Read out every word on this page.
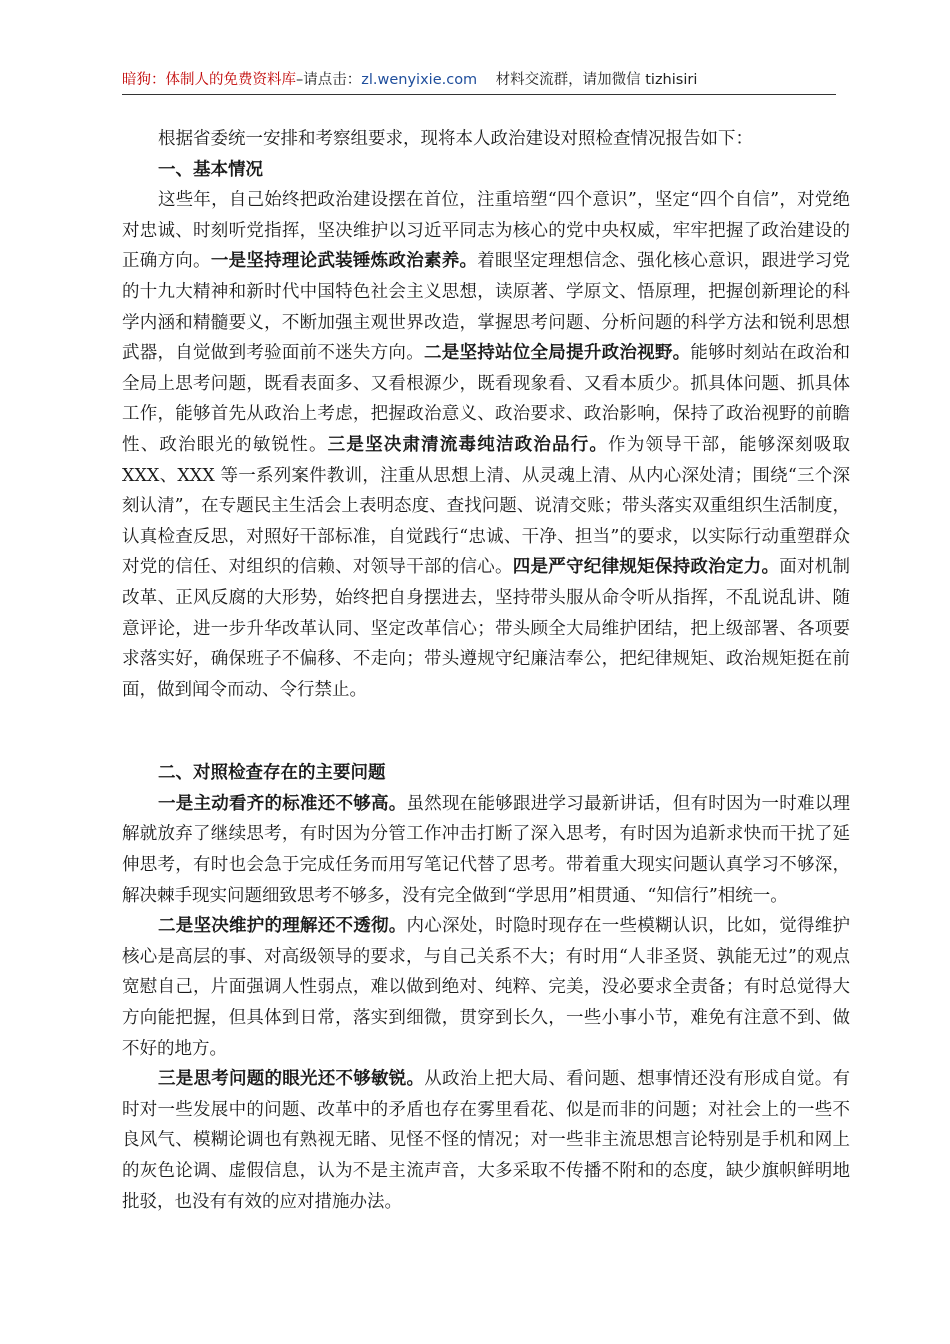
暗狗：体制人的免费资料库–请点击：zl.wenyixie.com 材料交流群，请加微信 tizhisiri

根据省委统一安排和考察组要求，现将本人政治建设对照检查情况报告如下：

一、基本情况

这些年，自己始终把政治建设摆在首位，注重培塑“四个意识”，坚定“四个自信”，对党绝对忠诚、时刻听党指挥，坚决维护以习近平同志为核心的党中央权威，牢牢把握了政治建设的正确方向。一是坚持理论武装锤炼政治素养。着眼坚定理想信念、强化核心意识，跟进学习党的十九大精神和新时代中国特色社会主义思想，读原著、学原文、悟原理，把握创新理论的科学内涵和精髓要义，不断加强主观世界改造，掌握思考问题、分析问题的科学方法和锐利思想武器，自觉做到考验面前不迷失方向。二是坚持站位全局提升政治视野。能够时刻站在政治和全局上思考问题，既看表面多、又看根源少，既看现象看、又看本质少。抓具体问题、抓具体工作，能够首先从政治上考虑，把握政治意义、政治要求、政治影响，保持了政治视野的前瞻性、政治眼光的敏锐性。三是坚决肃清流毒纯洁政治品行。作为领导干部，能够深刻吸取 XXX、XXX 等一系列案件教训，注重从思想上清、从灵魂上清、从内心深处清；围绕“三个深刻认清”，在专题民主生活会上表明态度、查找问题、说清交账；带头落实双重组织生活制度，认真检查反思，对照好干部标准，自觉践行“忠诚、干净、担当”的要求，以实际行动重塑群众对党的信任、对组织的信赖、对领导干部的信心。四是严守纪律规矩保持政治定力。面对机制改革、正风反腐的大形势，始终把自身摆进去，坚持带头服从命令听从指挥，不乱说乱讲、随意评论，进一步升华改革认同、坚定改革信心；带头顾全大局维护团结，把上级部署、各项要求落实好，确保班子不偏移、不走向；带头遵规守纪廉洁奉公，把纪律规矩、政治规矩挺在前面，做到闻令而动、令行禁止。

二、对照检查存在的主要问题

一是主动看齐的标准还不够高。虽然现在能够跟进学习最新讲话，但有时因为一时难以理解就放弃了继续思考，有时因为分管工作冲击打断了深入思考，有时因为追新求快而干扰了延伸思考，有时也会急于完成任务而用写笔记代替了思考。带着重大现实问题认真学习不够深，解决棘手现实问题细致思考不够多，没有完全做到“学思用”相贯通、“知信行”相统一。

二是坚决维护的理解还不透彻。内心深处，时隐时现存在一些模糊认识，比如，觉得维护核心是高层的事、对高级领导的要求，与自己关系不大；有时用“人非圣贤、孰能无过”的观点宽慰自己，片面强调人性弱点，难以做到绝对、纯粹、完美，没必要求全责备；有时总觉得大方向能把握，但具体到日常，落实到细微，贯穿到长久，一些小事小节，难免有注意不到、做不好的地方。

三是思考问题的眼光还不够敏锐。从政治上把大局、看问题、想事情还没有形成自觉。有时对一些发展中的问题、改革中的矛盾也存在雾里看花、似是而非的问题；对社会上的一些不良风气、模糊论调也有熟视无睹、见怪不怪的情况；对一些非主流思想言论特别是手机和网上的灰色论调、虚假信息，认为不是主流声音，大多采取不传播不附和的态度，缺少旗帜鲜明地批驳，也没有有效的应对措施办法。
